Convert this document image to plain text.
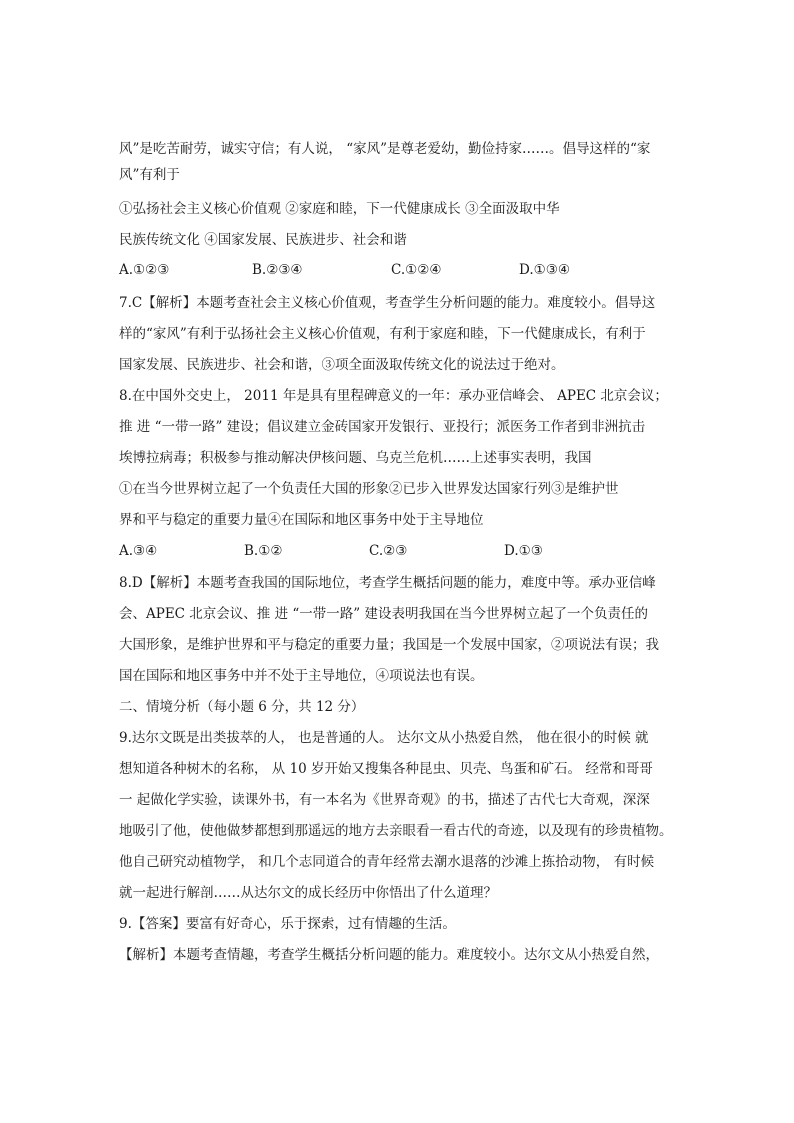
风”是吃苦耐劳，诚实守信；有人说， “家风”是尊老爱幼，勤俭持家……。倡导这样的“家
风”有利于
①弘扬社会主义核心价值观 ②家庭和睦，下一代健康成长 ③全面汲取中华
民族传统文化 ④国家发展、民族进步、社会和谐
A.①②③	B.②③④	C.①②④	D.①③④
7.C【解析】本题考查社会主义核心价值观，考查学生分析问题的能力。难度较小。倡导这
样的“家风”有利于弘扬社会主义核心价值观，有利于家庭和睦，下一代健康成长，有利于
国家发展、民族进步、社会和谐，③项全面汲取传统文化的说法过于绝对。
8.在中国外交史上， 2011 年是具有里程碑意义的一年：承办亚信峰会、 APEC 北京会议；
推 进 “一带一路” 建设；倡议建立金砖国家开发银行、亚投行；派医务工作者到非洲抗击
埃博拉病毒；积极参与推动解决伊核问题、乌克兰危机……上述事实表明，我国
①在当今世界树立起了一个负责任大国的形象②已步入世界发达国家行列③是维护世
界和平与稳定的重要力量④在国际和地区事务中处于主导地位
A.③④	B.①②	C.②③	D.①③
8.D【解析】本题考查我国的国际地位，考查学生概括问题的能力，难度中等。承办亚信峰
会、APEC 北京会议、推 进 “一带一路” 建设表明我国在当今世界树立起了一个负责任的
大国形象，是维护世界和平与稳定的重要力量；我国是一个发展中国家，②项说法有误；我
国在国际和地区事务中并不处于主导地位，④项说法也有误。
二、情境分析（每小题 6 分，共 12 分）
9.达尔文既是出类拔萃的人， 也是普通的人。 达尔文从小热爱自然， 他在很小的时候 就
想知道各种树木的名称， 从 10 岁开始又搜集各种昆虫、贝壳、鸟蛋和矿石。 经常和哥哥
一 起做化学实验，读课外书，有一本名为《世界奇观》的书，描述了古代七大奇观，深深
地吸引了他，使他做梦都想到那遥远的地方去亲眼看一看古代的奇迹，以及现有的珍贵植物。
他自己研究动植物学， 和几个志同道合的青年经常去潮水退落的沙滩上拣拾动物， 有时候
就一起进行解剖……从达尔文的成长经历中你悟出了什么道理？
9.【答案】要富有好奇心，乐于探索，过有情趣的生活。
【解析】本题考查情趣，考查学生概括分析问题的能力。难度较小。达尔文从小热爱自然，
